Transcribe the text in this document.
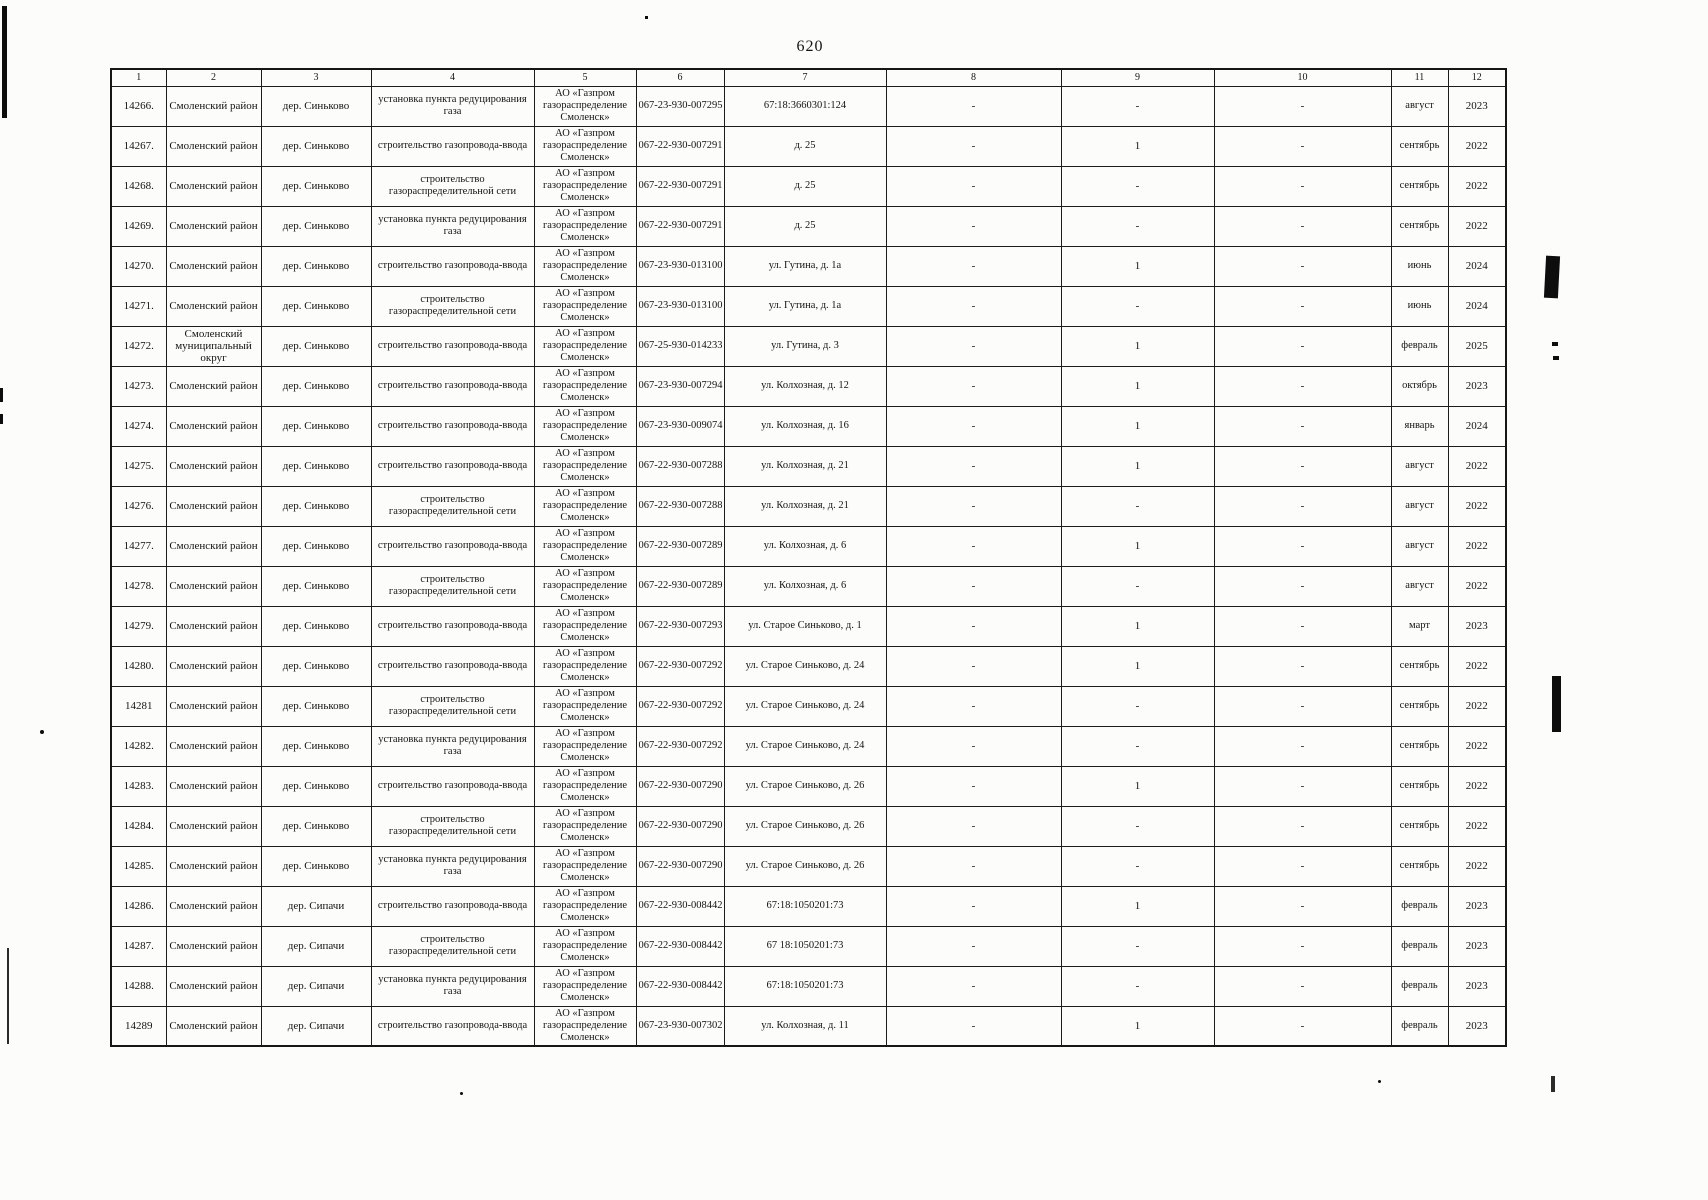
620
1	2	3	4	5	6	7	8	9	10	11	12
14266.	Смоленский район	дер. Синьково	установка пункта редуцирования газа	АО «Газпром газораспределение Смоленск»	067-23-930-007295	67:18:3660301:124	-	-	-	август	2023
14267.	Смоленский район	дер. Синьково	строительство газопровода-ввода	АО «Газпром газораспределение Смоленск»	067-22-930-007291	д. 25	-	1	-	сентябрь	2022
14268.	Смоленский район	дер. Синьково	строительство газораспределительной сети	АО «Газпром газораспределение Смоленск»	067-22-930-007291	д. 25	-	-	-	сентябрь	2022
14269.	Смоленский район	дер. Синьково	установка пункта редуцирования газа	АО «Газпром газораспределение Смоленск»	067-22-930-007291	д. 25	-	-	-	сентябрь	2022
14270.	Смоленский район	дер. Синьково	строительство газопровода-ввода	АО «Газпром газораспределение Смоленск»	067-23-930-013100	ул. Гутина, д. 1а	-	1	-	июнь	2024
14271.	Смоленский район	дер. Синьково	строительство газораспределительной сети	АО «Газпром газораспределение Смоленск»	067-23-930-013100	ул. Гутина, д. 1а	-	-	-	июнь	2024
14272.	Смоленский муниципальный округ	дер. Синьково	строительство газопровода-ввода	АО «Газпром газораспределение Смоленск»	067-25-930-014233	ул. Гутина, д. 3	-	1	-	февраль	2025
14273.	Смоленский район	дер. Синьково	строительство газопровода-ввода	АО «Газпром газораспределение Смоленск»	067-23-930-007294	ул. Колхозная, д. 12	-	1	-	октябрь	2023
14274.	Смоленский район	дер. Синьково	строительство газопровода-ввода	АО «Газпром газораспределение Смоленск»	067-23-930-009074	ул. Колхозная, д. 16	-	1	-	январь	2024
14275.	Смоленский район	дер. Синьково	строительство газопровода-ввода	АО «Газпром газораспределение Смоленск»	067-22-930-007288	ул. Колхозная, д. 21	-	1	-	август	2022
14276.	Смоленский район	дер. Синьково	строительство газораспределительной сети	АО «Газпром газораспределение Смоленск»	067-22-930-007288	ул. Колхозная, д. 21	-	-	-	август	2022
14277.	Смоленский район	дер. Синьково	строительство газопровода-ввода	АО «Газпром газораспределение Смоленск»	067-22-930-007289	ул. Колхозная, д. 6	-	1	-	август	2022
14278.	Смоленский район	дер. Синьково	строительство газораспределительной сети	АО «Газпром газораспределение Смоленск»	067-22-930-007289	ул. Колхозная, д. 6	-	-	-	август	2022
14279.	Смоленский район	дер. Синьково	строительство газопровода-ввода	АО «Газпром газораспределение Смоленск»	067-22-930-007293	ул. Старое Синьково, д. 1	-	1	-	март	2023
14280.	Смоленский район	дер. Синьково	строительство газопровода-ввода	АО «Газпром газораспределение Смоленск»	067-22-930-007292	ул. Старое Синьково, д. 24	-	1	-	сентябрь	2022
14281	Смоленский район	дер. Синьково	строительство газораспределительной сети	АО «Газпром газораспределение Смоленск»	067-22-930-007292	ул. Старое Синьково, д. 24	-	-	-	сентябрь	2022
14282.	Смоленский район	дер. Синьково	установка пункта редуцирования газа	АО «Газпром газораспределение Смоленск»	067-22-930-007292	ул. Старое Синьково, д. 24	-	-	-	сентябрь	2022
14283.	Смоленский район	дер. Синьково	строительство газопровода-ввода	АО «Газпром газораспределение Смоленск»	067-22-930-007290	ул. Старое Синьково, д. 26	-	1	-	сентябрь	2022
14284.	Смоленский район	дер. Синьково	строительство газораспределительной сети	АО «Газпром газораспределение Смоленск»	067-22-930-007290	ул. Старое Синьково, д. 26	-	-	-	сентябрь	2022
14285.	Смоленский район	дер. Синьково	установка пункта редуцирования газа	АО «Газпром газораспределение Смоленск»	067-22-930-007290	ул. Старое Синьково, д. 26	-	-	-	сентябрь	2022
14286.	Смоленский район	дер. Сипачи	строительство газопровода-ввода	АО «Газпром газораспределение Смоленск»	067-22-930-008442	67:18:1050201:73	-	1	-	февраль	2023
14287.	Смоленский район	дер. Сипачи	строительство газораспределительной сети	АО «Газпром газораспределение Смоленск»	067-22-930-008442	67 18:1050201:73	-	-	-	февраль	2023
14288.	Смоленский район	дер. Сипачи	установка пункта редуцирования газа	АО «Газпром газораспределение Смоленск»	067-22-930-008442	67:18:1050201:73	-	-	-	февраль	2023
14289	Смоленский район	дер. Сипачи	строительство газопровода-ввода	АО «Газпром газораспределение Смоленск»	067-23-930-007302	ул. Колхозная, д. 11	-	1	-	февраль	2023
